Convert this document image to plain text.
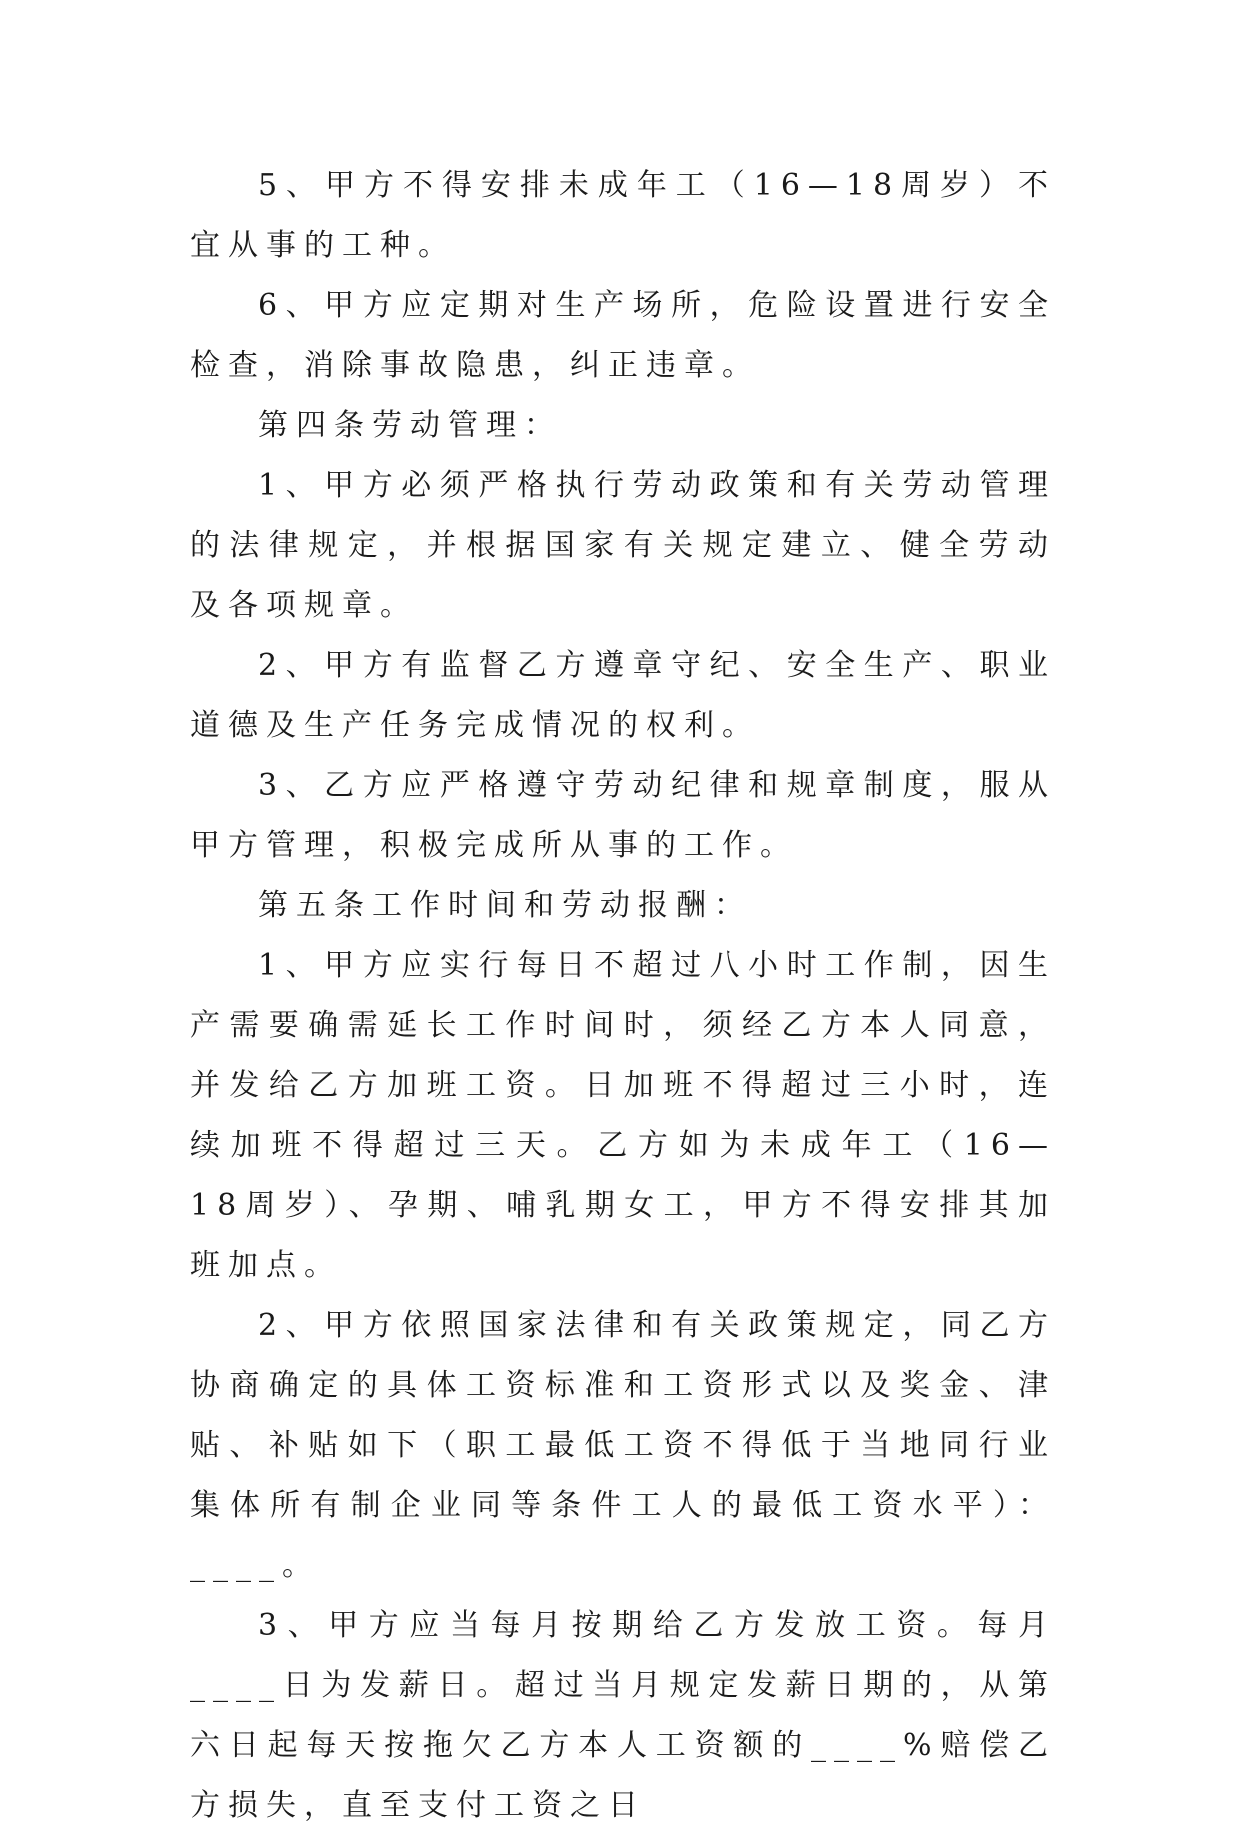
5、甲方不得安排未成年工（16—18周岁）不宜从事的工种。

6、甲方应定期对生产场所，危险设置进行安全检查，消除事故隐患，纠正违章。

第四条劳动管理：

1、甲方必须严格执行劳动政策和有关劳动管理的法律规定，并根据国家有关规定建立、健全劳动及各项规章。

2、甲方有监督乙方遵章守纪、安全生产、职业道德及生产任务完成情况的权利。

3、乙方应严格遵守劳动纪律和规章制度，服从甲方管理，积极完成所从事的工作。

第五条工作时间和劳动报酬：

1、甲方应实行每日不超过八小时工作制，因生产需要确需延长工作时间时，须经乙方本人同意，并发给乙方加班工资。日加班不得超过三小时，连续加班不得超过三天。乙方如为未成年工（16—18周岁）、孕期、哺乳期女工，甲方不得安排其加班加点。

2、甲方依照国家法律和有关政策规定，同乙方协商确定的具体工资标准和工资形式以及奖金、津贴、补贴如下（职工最低工资不得低于当地同行业集体所有制企业同等条件工人的最低工资水平）：____。

3、甲方应当每月按期给乙方发放工资。每月____日为发薪日。超过当月规定发薪日期的，从第六日起每天按拖欠乙方本人工资额的____%赔偿乙方损失，直至支付工资之日
